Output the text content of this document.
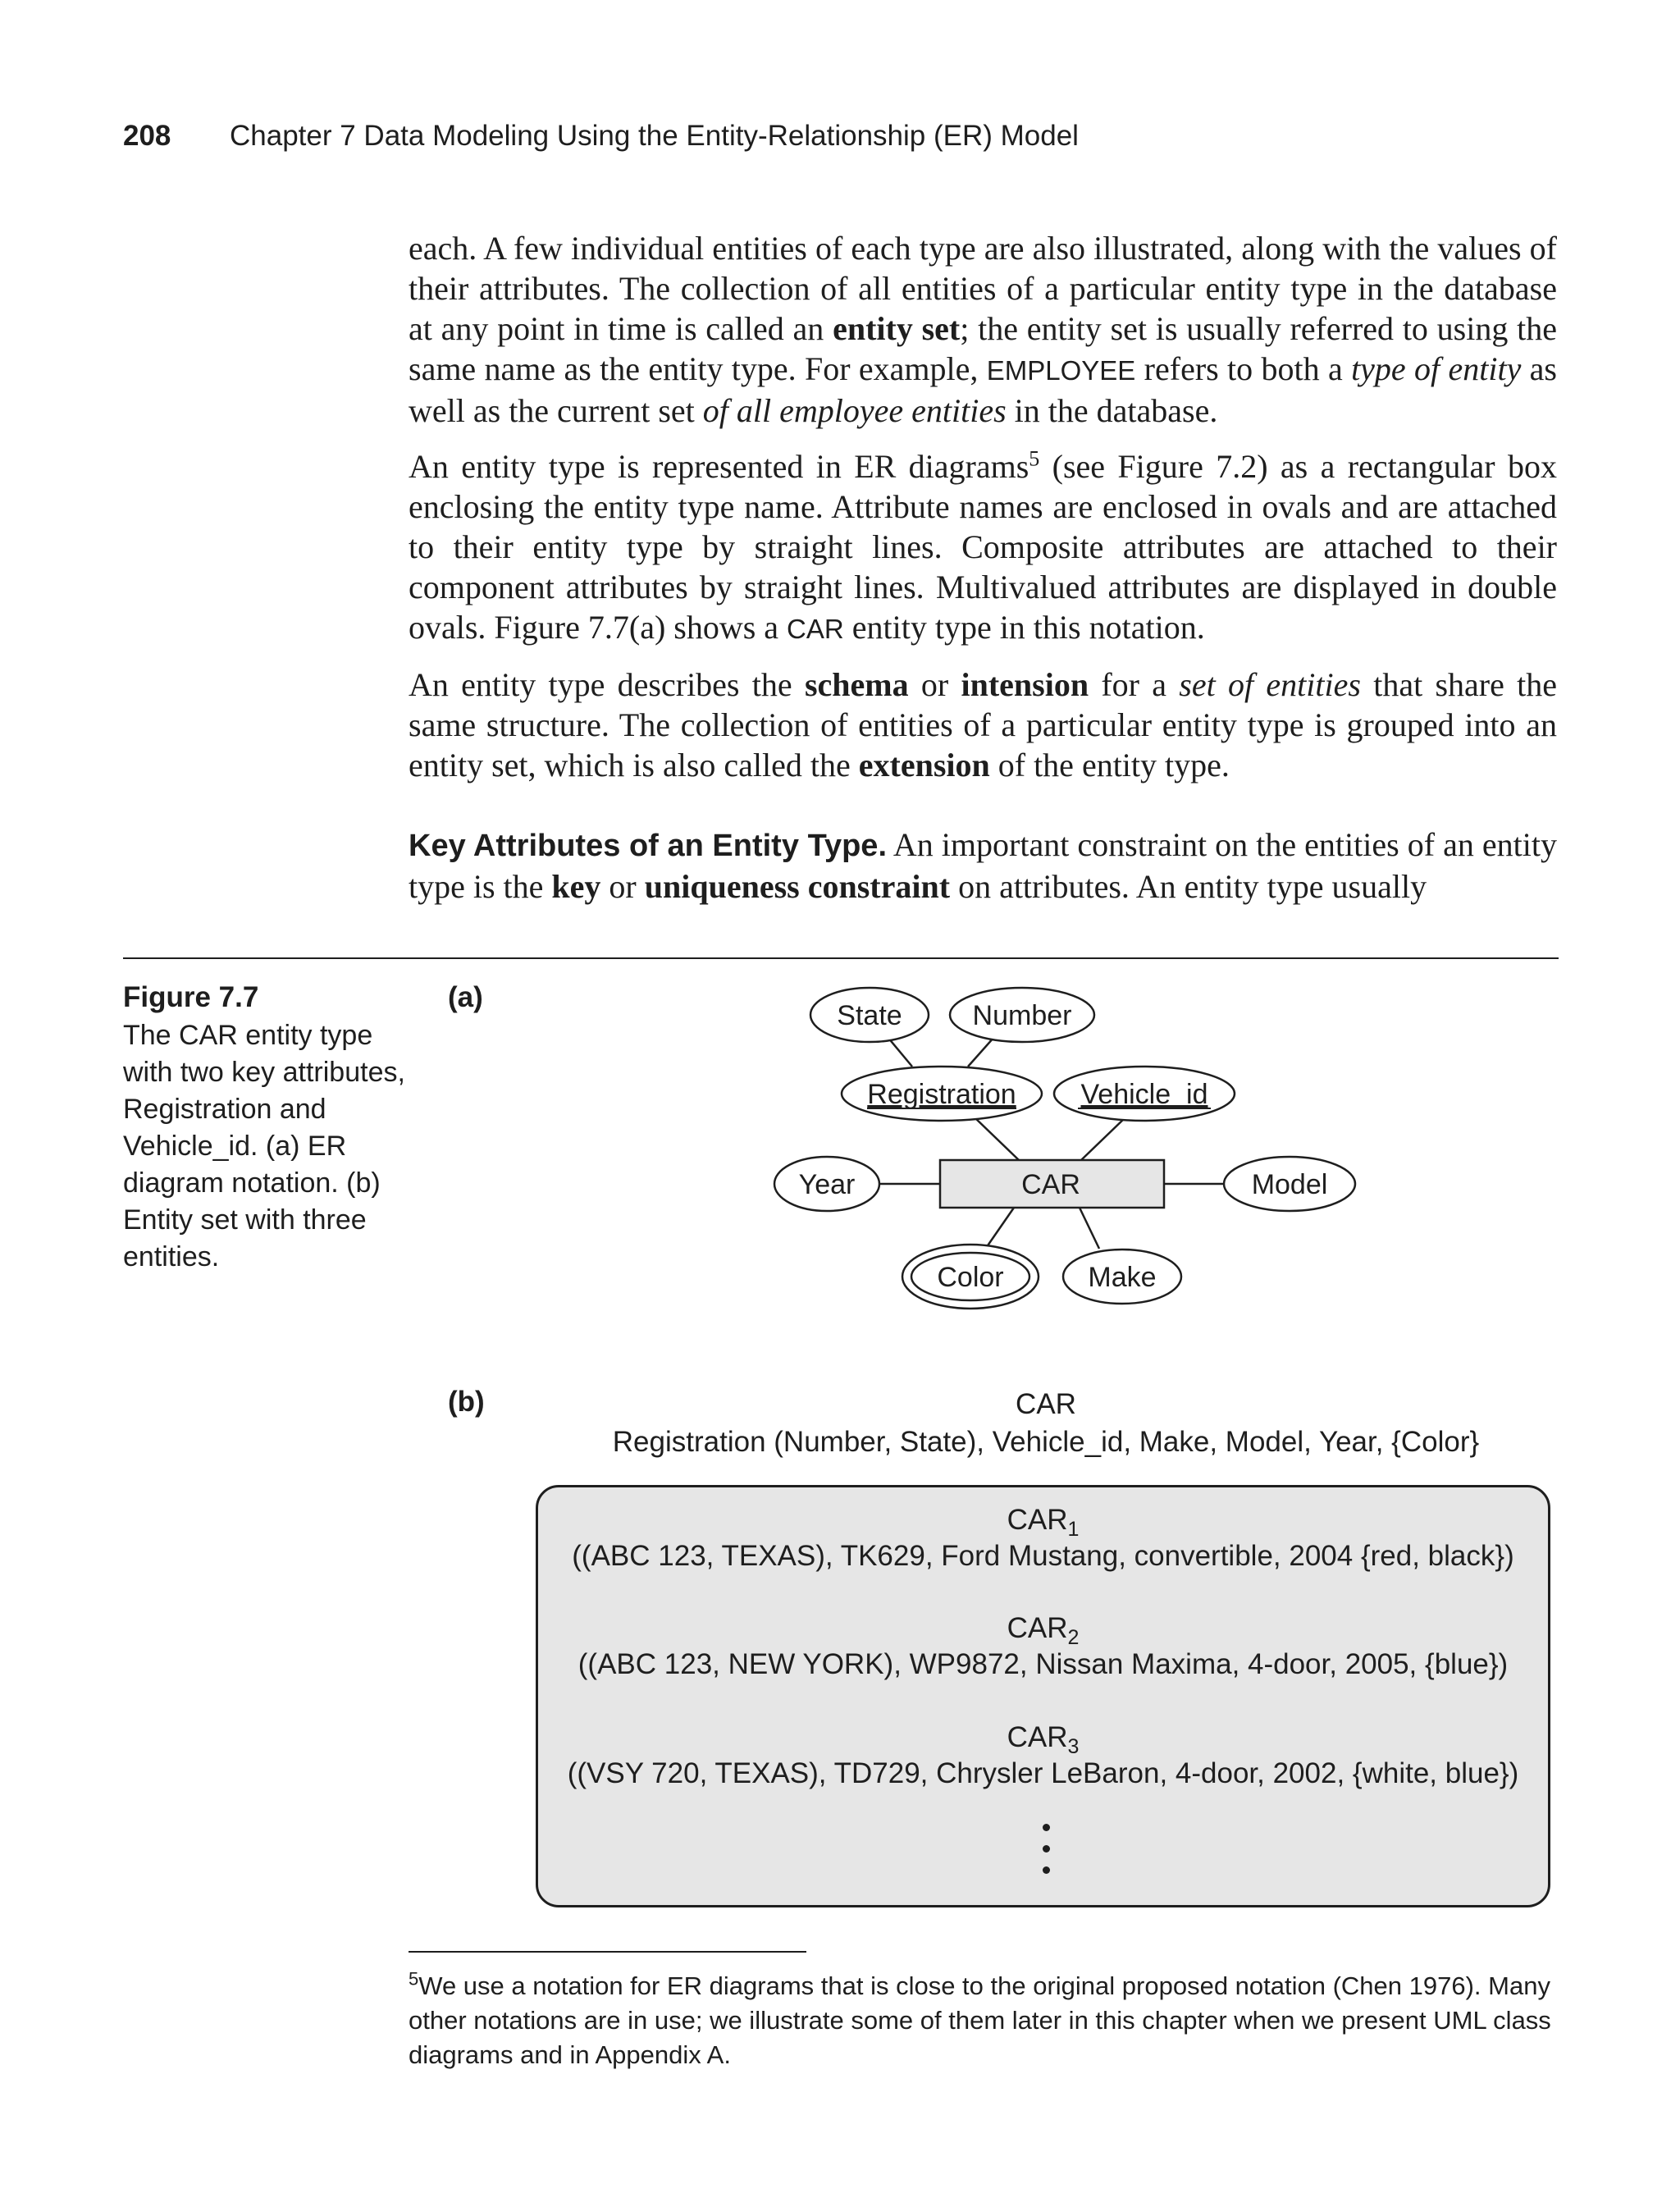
208 Chapter 7 Data Modeling Using the Entity-Relationship (ER) Model
each. A few individual entities of each type are also illustrated, along with the values of their attributes. The collection of all entities of a particular entity type in the database at any point in time is called an entity set; the entity set is usually referred to using the same name as the entity type. For example, EMPLOYEE refers to both a type of entity as well as the current set of all employee entities in the database.
An entity type is represented in ER diagrams$^5$ (see Figure 7.2) as a rectangular box enclosing the entity type name. Attribute names are enclosed in ovals and are attached to their entity type by straight lines. Composite attributes are attached to their component attributes by straight lines. Multivalued attributes are displayed in double ovals. Figure 7.7(a) shows a CAR entity type in this notation.
An entity type describes the schema or intension for a set of entities that share the same structure. The collection of entities of a particular entity type is grouped into an entity set, which is also called the extension of the entity type.
Key Attributes of an Entity Type. An important constraint on the entities of an entity type is the key or uniqueness constraint on attributes. An entity type usually
Figure 7.7
The CAR entity type with two key attributes, Registration and Vehicle_id. (a) ER diagram notation. (b) Entity set with three entities.
(a)
(b)
State	Number
Registration Vehicle_id
Year	CAR	Model
Color	Make
CAR
Registration (Number, State), Vehicle_id, Make, Model, Year, {Color}
$CAR_1$
((ABC 123, TEXAS), TK629, Ford Mustang, convertible, 2004 {red, black})
$CAR_2$
((ABC 123, NEW YORK), WP9872, Nissan Maxima, 4-door, 2005, {blue})
$CAR_3$
((VSY 720, TEXAS), TD729, Chrysler LeBaron, 4-door, 2002, {white, blue})
$^5$We use a notation for ER diagrams that is close to the original proposed notation (Chen 1976). Many other notations are in use; we illustrate some of them later in this chapter when we present UML class diagrams and in Appendix A.
